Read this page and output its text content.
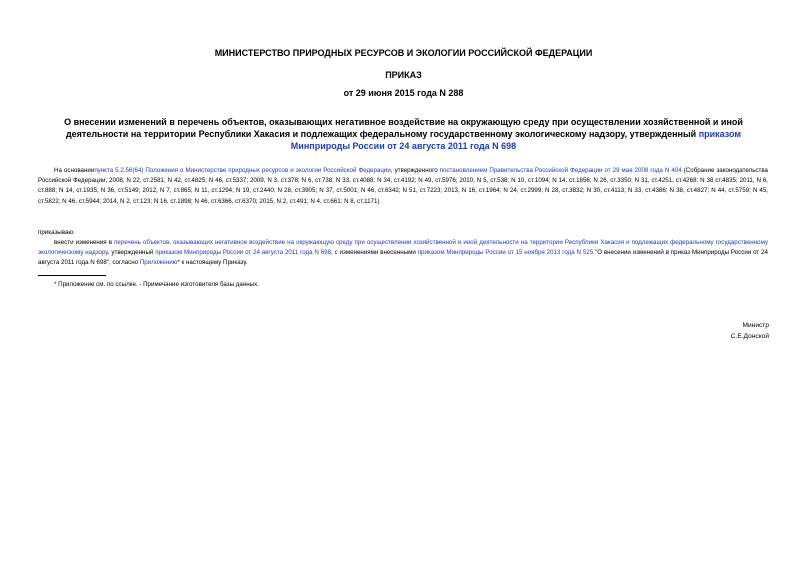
МИНИСТЕРСТВО ПРИРОДНЫХ РЕСУРСОВ И ЭКОЛОГИИ РОССИЙСКОЙ ФЕДЕРАЦИИ
ПРИКАЗ
от 29 июня 2015 года N 288
О внесении изменений в перечень объектов, оказывающих негативное воздействие на окружающую среду при осуществлении хозяйственной и иной деятельности на территории Республики Хакасия и подлежащих федеральному государственному экологическому надзору, утвержденный приказом Минприроды России от 24 августа 2011 года N 698
На основаниипункта 5.2.56(64) Положения о Министерстве природных ресурсов и экологии Российской Федерации, утвержденного постановлением Правительства Российской Федерации от 29 мая 2008 года N 404 (Собрание законодательства Российской Федерации, 2008, N 22, ст.2581; N 42, ст.4825; N 46, ст.5337; 2009, N 3, ст.378; N 6, ст.738; N 33, ст.4088; N 34, ст.4192; N 49, ст.5976; 2010, N 5, ст.538; N 10, ст.1094; N 14, ст.1656; N 26, ст.3350; N 31, ст.4251, ст.4268; N 38 ст.4835; 2011, N 6, ст.888; N 14, ст.1935; N 36, ст.5149; 2012, N 7, ст.865; N 11, ст.1294; N 19, ст.2440; N 28, ст.3905; N 37, ст.5001; N 46, ст.6342; N 51, ст.7223; 2013, N 16, ст.1964; N 24, ст.2999; N 28, ст.3832; N 30, ст.4113; N 33, ст.4386; N 38, ст.4827; N 44, ст.5759; N 45, ст.5822; N 46, ст.5944; 2014, N 2, ст.123; N 16, ст.1898; N 46, ст.6366, ст.6370; 2015, N 2, ст.491; N 4, ст.661; N 8, ст.1171)
приказываю:
внести изменения в перечень объектов, оказывающих негативное воздействие на окружающую среду при осуществлении хозяйственной и иной деятельности на территории Республики Хакасия и подлежащих федеральному государственному экологическому надзору, утвержденный приказом Минприроды России от 24 августа 2011 года N 698, с изменениями внесенными приказом Минприроды России от 15 ноября 2013 года N 525 "О внесении изменений в приказ Минприроды России от 24 августа 2011 года N 698", согласно Приложению* к настоящему Приказу.
* Приложение см. по ссылке. - Примечание изготовителя базы данных.
Министр
С.Е.Донской
